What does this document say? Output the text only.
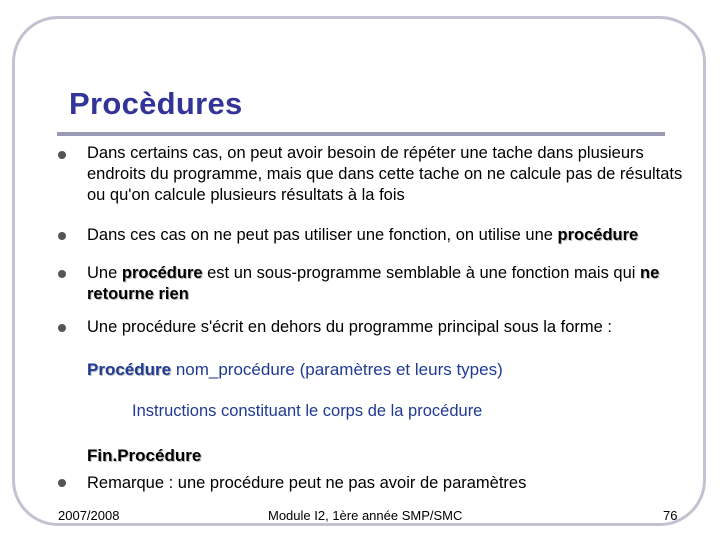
Procèdures
Dans certains cas, on peut avoir besoin de répéter une tache dans plusieurs endroits du programme, mais que dans cette tache on ne calcule pas de résultats ou qu'on calcule plusieurs résultats à la fois
Dans ces cas on ne peut pas utiliser une fonction, on utilise une procédure
Une procédure est un sous-programme semblable à une fonction mais qui ne retourne rien
Une procédure s'écrit en dehors du programme principal sous la forme :
Procédure nom_procédure (paramètres et leurs types)
Instructions constituant le corps de la procédure
Fin.Procédure
Remarque : une procédure peut ne pas avoir de paramètres
2007/2008	Module I2, 1ère année SMP/SMC	76
